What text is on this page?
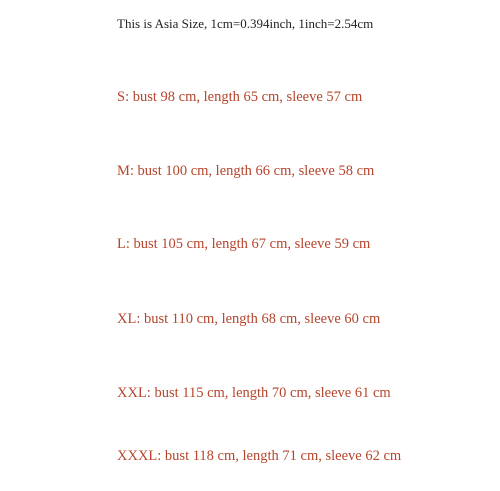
This is Asia Size, 1cm=0.394inch, 1inch=2.54cm
S: bust 98 cm, length 65 cm, sleeve 57 cm
M: bust 100 cm, length 66 cm, sleeve 58 cm
L: bust 105 cm, length 67 cm, sleeve 59 cm
XL: bust 110 cm, length 68 cm, sleeve 60 cm
XXL: bust 115 cm, length 70 cm, sleeve 61 cm
XXXL: bust 118 cm, length 71 cm, sleeve 62 cm
